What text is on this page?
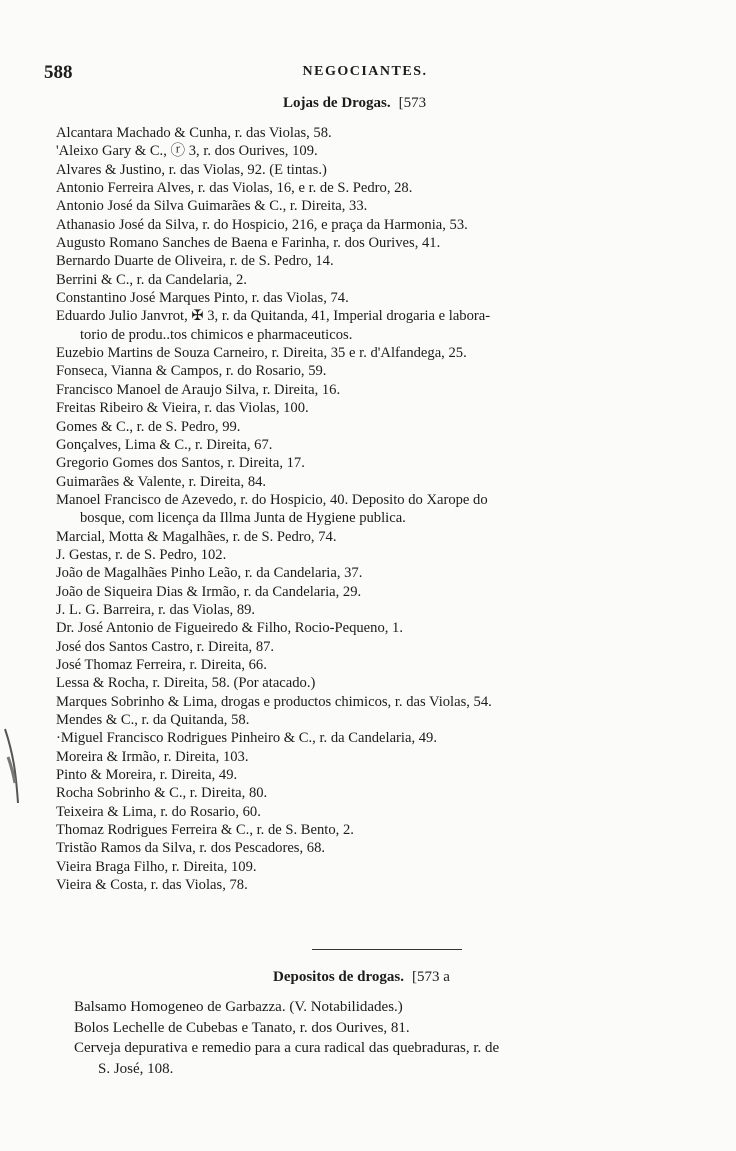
588	NEGOCIANTES.
Lojas de Drogas. [573
Alcantara Machado & Cunha, r. das Violas, 58.
'Aleixo Gary & C., ⓡ 3, r. dos Ourives, 109.
Alvares & Justino, r. das Violas, 92. (E tintas.)
Antonio Ferreira Alves, r. das Violas, 16, e r. de S. Pedro, 28.
Antonio José da Silva Guimarães & C., r. Direita, 33.
Athanasio José da Silva, r. do Hospicio, 216, e praça da Harmonia, 53.
Augusto Romano Sanches de Baena e Farinha, r. dos Ourives, 41.
Bernardo Duarte de Oliveira, r. de S. Pedro, 14.
Berrini & C., r. da Candelaria, 2.
Constantino José Marques Pinto, r. das Violas, 74.
Eduardo Julio Janvrot, ✠ 3, r. da Quitanda, 41, Imperial drogaria e labora-
torio de produ..tos chimicos e pharmaceuticos.
Euzebio Martins de Souza Carneiro, r. Direita, 35 e r. d'Alfandega, 25.
Fonseca, Vianna & Campos, r. do Rosario, 59.
Francisco Manoel de Araujo Silva, r. Direita, 16.
Freitas Ribeiro & Vieira, r. das Violas, 100.
Gomes & C., r. de S. Pedro, 99.
Gonçalves, Lima & C., r. Direita, 67.
Gregorio Gomes dos Santos, r. Direita, 17.
Guimarães & Valente, r. Direita, 84.
Manoel Francisco de Azevedo, r. do Hospicio, 40. Deposito do Xarope do
bosque, com licença da Illma Junta de Hygiene publica.
Marcial, Motta & Magalhães, r. de S. Pedro, 74.
J. Gestas, r. de S. Pedro, 102.
João de Magalhães Pinho Leão, r. da Candelaria, 37.
João de Siqueira Dias & Irmão, r. da Candelaria, 29.
J. L. G. Barreira, r. das Violas, 89.
Dr. José Antonio de Figueiredo & Filho, Rocio-Pequeno, 1.
José dos Santos Castro, r. Direita, 87.
José Thomaz Ferreira, r. Direita, 66.
Lessa & Rocha, r. Direita, 58. (Por atacado.)
Marques Sobrinho & Lima, drogas e productos chimicos, r. das Violas, 54.
Mendes & C., r. da Quitanda, 58.
·Miguel Francisco Rodrigues Pinheiro & C., r. da Candelaria, 49.
Moreira & Irmão, r. Direita, 103.
Pinto & Moreira, r. Direita, 49.
Rocha Sobrinho & C., r. Direita, 80.
Teixeira & Lima, r. do Rosario, 60.
Thomaz Rodrigues Ferreira & C., r. de S. Bento, 2.
Tristão Ramos da Silva, r. dos Pescadores, 68.
Vieira Braga Filho, r. Direita, 109.
Vieira & Costa, r. das Violas, 78.
Depositos de drogas. [573 a
Balsamo Homogeneo de Garbazza. (V. Notabilidades.)
Bolos Lechelle de Cubebas e Tanato, r. dos Ourives, 81.
Cerveja depurativa e remedio para a cura radical das quebraduras, r. de
S. José, 108.
